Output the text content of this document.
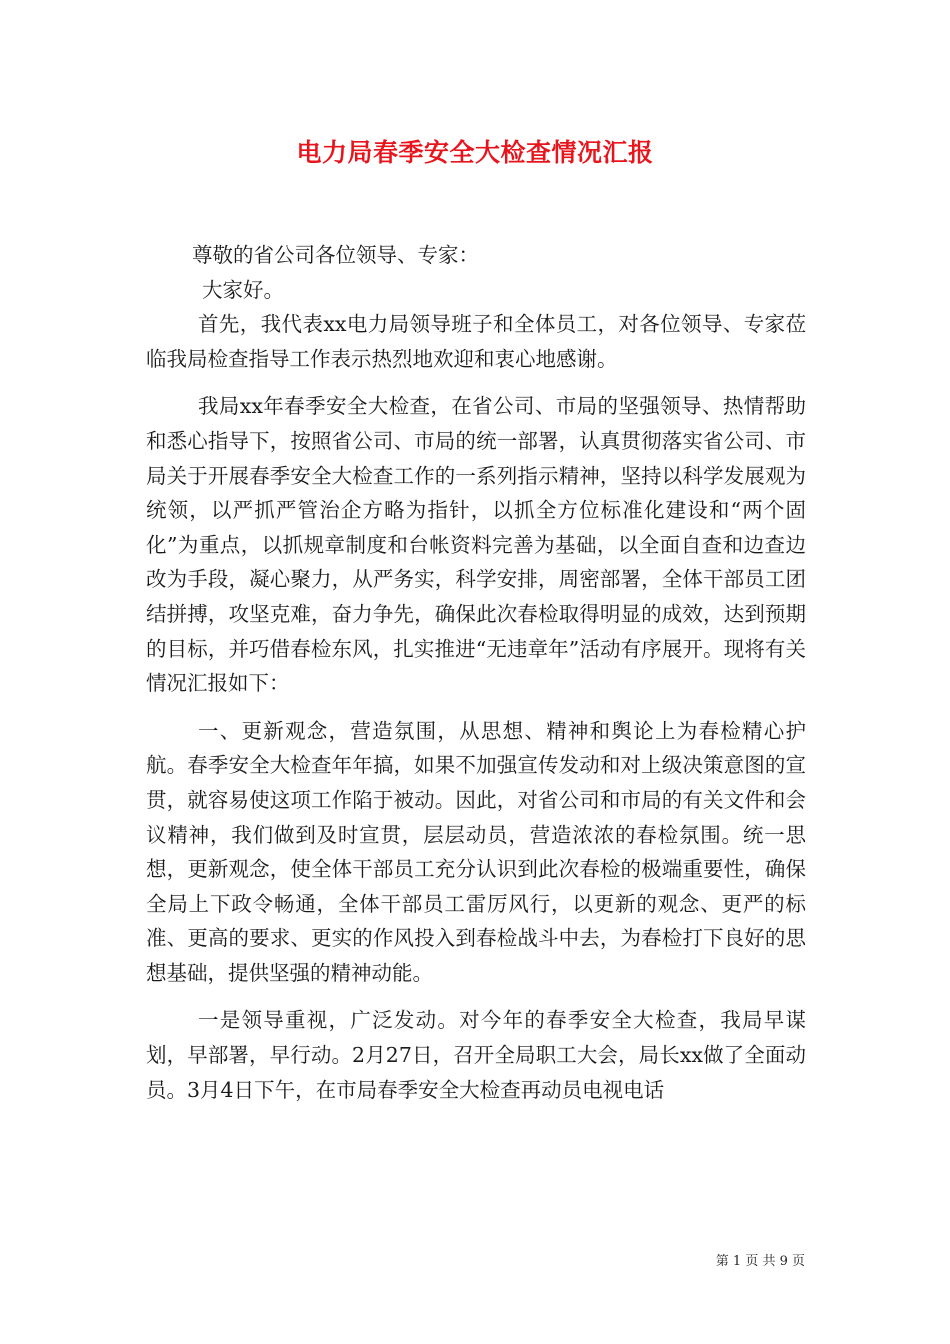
电力局春季安全大检查情况汇报

尊敬的省公司各位领导、专家：

大家好。

首先，我代表xx电力局领导班子和全体员工，对各位领导、专家莅临我局检查指导工作表示热烈地欢迎和衷心地感谢。

我局xx年春季安全大检查，在省公司、市局的坚强领导、热情帮助和悉心指导下，按照省公司、市局的统一部署，认真贯彻落实省公司、市局关于开展春季安全大检查工作的一系列指示精神，坚持以科学发展观为统领，以严抓严管治企方略为指针，以抓全方位标准化建设和“两个固化”为重点，以抓规章制度和台帐资料完善为基础，以全面自查和边查边改为手段，凝心聚力，从严务实，科学安排，周密部署，全体干部员工团结拼搏，攻坚克难，奋力争先，确保此次春检取得明显的成效，达到预期的目标，并巧借春检东风，扎实推进“无违章年”活动有序展开。现将有关情况汇报如下：

一、更新观念，营造氛围，从思想、精神和舆论上为春检精心护航。春季安全大检查年年搞，如果不加强宣传发动和对上级决策意图的宣贯，就容易使这项工作陷于被动。因此，对省公司和市局的有关文件和会议精神，我们做到及时宣贯，层层动员，营造浓浓的春检氛围。统一思想，更新观念，使全体干部员工充分认识到此次春检的极端重要性，确保全局上下政令畅通，全体干部员工雷厉风行，以更新的观念、更严的标准、更高的要求、更实的作风投入到春检战斗中去，为春检打下良好的思想基础，提供坚强的精神动能。

一是领导重视，广泛发动。对今年的春季安全大检查，我局早谋划，早部署，早行动。2月27日，召开全局职工大会，局长xx做了全面动员。3月4日下午，在市局春季安全大检查再动员电视电话

第 1 页 共 9 页
